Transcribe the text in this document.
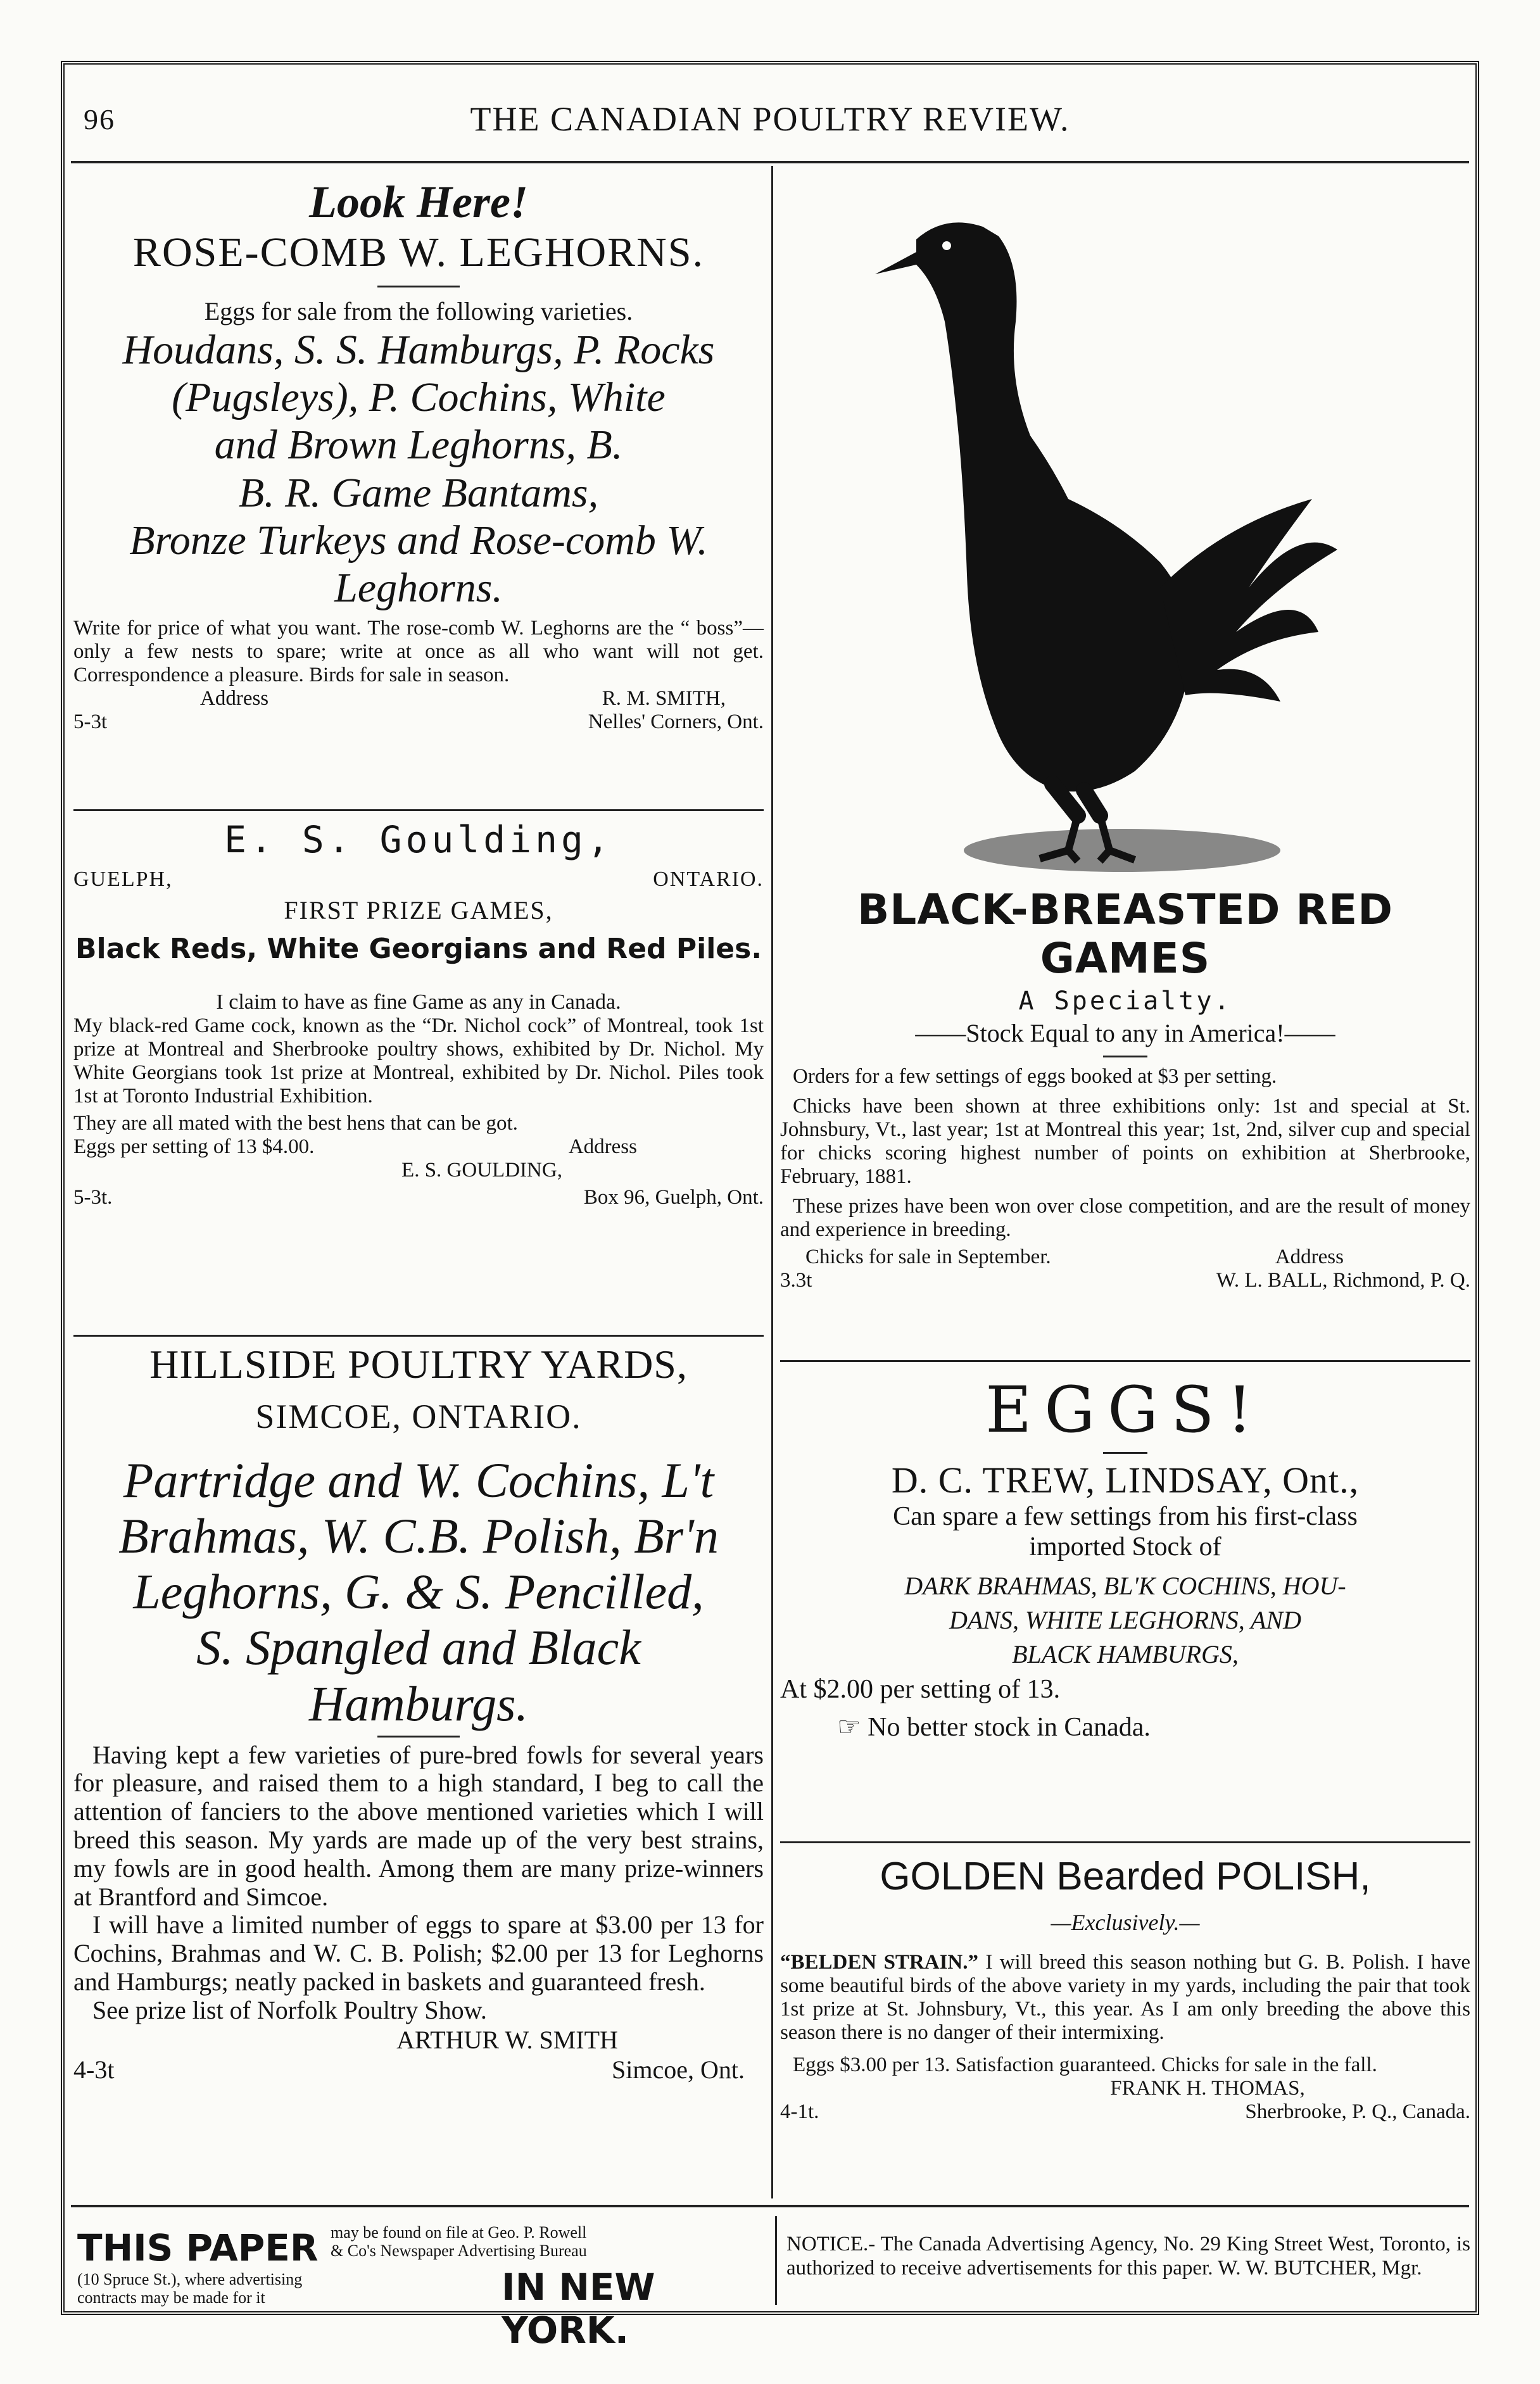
96	THE CANADIAN POULTRY REVIEW.
Look Here!
ROSE-COMB W. LEGHORNS.
Eggs for sale from the following varieties.
Houdans, S. S. Hamburgs, P. Rocks
(Pugsleys), P. Cochins, White
and Brown Leghorns, B.
B. R. Game Bantams,
Bronze Turkeys and Rose-comb W.
Leghorns.
Write for price of what you want. The rose-comb W. Leghorns are the “ boss”—only a few nests to spare; write at once as all who want will not get. Correspondence a pleasure. Birds for sale in season.
Address	R. M. SMITH,
5-3t	Nelles' Corners, Ont.
E. S. Goulding,
GUELPH,	ONTARIO.
FIRST PRIZE GAMES,
Black Reds, White Georgians and Red Piles.
I claim to have as fine Game as any in Canada.
My black-red Game cock, known as the “Dr. Nichol cock” of Montreal, took 1st prize at Montreal and Sherbrooke poultry shows, exhibited by Dr. Nichol. My White Georgians took 1st prize at Montreal, exhibited by Dr. Nichol. Piles took 1st at Toronto Industrial Exhibition.
They are all mated with the best hens that can be got.
Eggs per setting of 13 $4.00.	Address
E. S. GOULDING,
5-3t.	Box 96, Guelph, Ont.
HILLSIDE POULTRY YARDS,
SIMCOE, ONTARIO.
Partridge and W. Cochins, L't
Brahmas, W. C.B. Polish, Br'n
Leghorns, G. & S. Pencilled,
S. Spangled and Black
Hamburgs.
Having kept a few varieties of pure-bred fowls for several years for pleasure, and raised them to a high standard, I beg to call the attention of fanciers to the above mentioned varieties which I will breed this season. My yards are made up of the very best strains, my fowls are in good health. Among them are many prize-winners at Brantford and Simcoe.
I will have a limited number of eggs to spare at $3.00 per 13 for Cochins, Brahmas and W. C. B. Polish; $2.00 per 13 for Leghorns and Hamburgs; neatly packed in baskets and guaranteed fresh.
See prize list of Norfolk Poultry Show.
ARTHUR W. SMITH
4-3t	Simcoe, Ont.
BLACK-BREASTED RED GAMES
A Specialty.
——Stock Equal to any in America!——
Orders for a few settings of eggs booked at $3 per setting.
Chicks have been shown at three exhibitions only: 1st and special at St. Johnsbury, Vt., last year; 1st at Montreal this year; 1st, 2nd, silver cup and special for chicks scoring highest number of points on exhibition at Sherbrooke, February, 1881.
These prizes have been won over close competition, and are the result of money and experience in breeding.
Chicks for sale in September.	Address
3.3t	W. L. BALL, Richmond, P. Q.
EGGS!
D. C. TREW, LINDSAY, Ont.,
Can spare a few settings from his first-class imported Stock of
DARK BRAHMAS, BL'K COCHINS, HOU-
DANS, WHITE LEGHORNS, AND
BLACK HAMBURGS,
At $2.00 per setting of 13.
☞ No better stock in Canada.
GOLDEN Bearded POLISH,
—Exclusively.—
“BELDEN STRAIN.” I will breed this season nothing but G. B. Polish. I have some beautiful birds of the above variety in my yards, including the pair that took 1st prize at St. Johnsbury, Vt., this year. As I am only breeding the above this season there is no danger of their intermixing.
Eggs $3.00 per 13. Satisfaction guaranteed. Chicks for sale in the fall.
FRANK H. THOMAS,
4-1t.	Sherbrooke, P. Q., Canada.
THIS PAPER may be found on file at Geo. P. Rowell
& Co's Newspaper Advertising Bureau
(10 Spruce St.), where advertising
contracts may be made for it	IN NEW YORK.
NOTICE.- The Canada Advertising Agency, No. 29 King Street West, Toronto, is authorized to receive advertisements for this paper. W. W. BUTCHER, Mgr.
